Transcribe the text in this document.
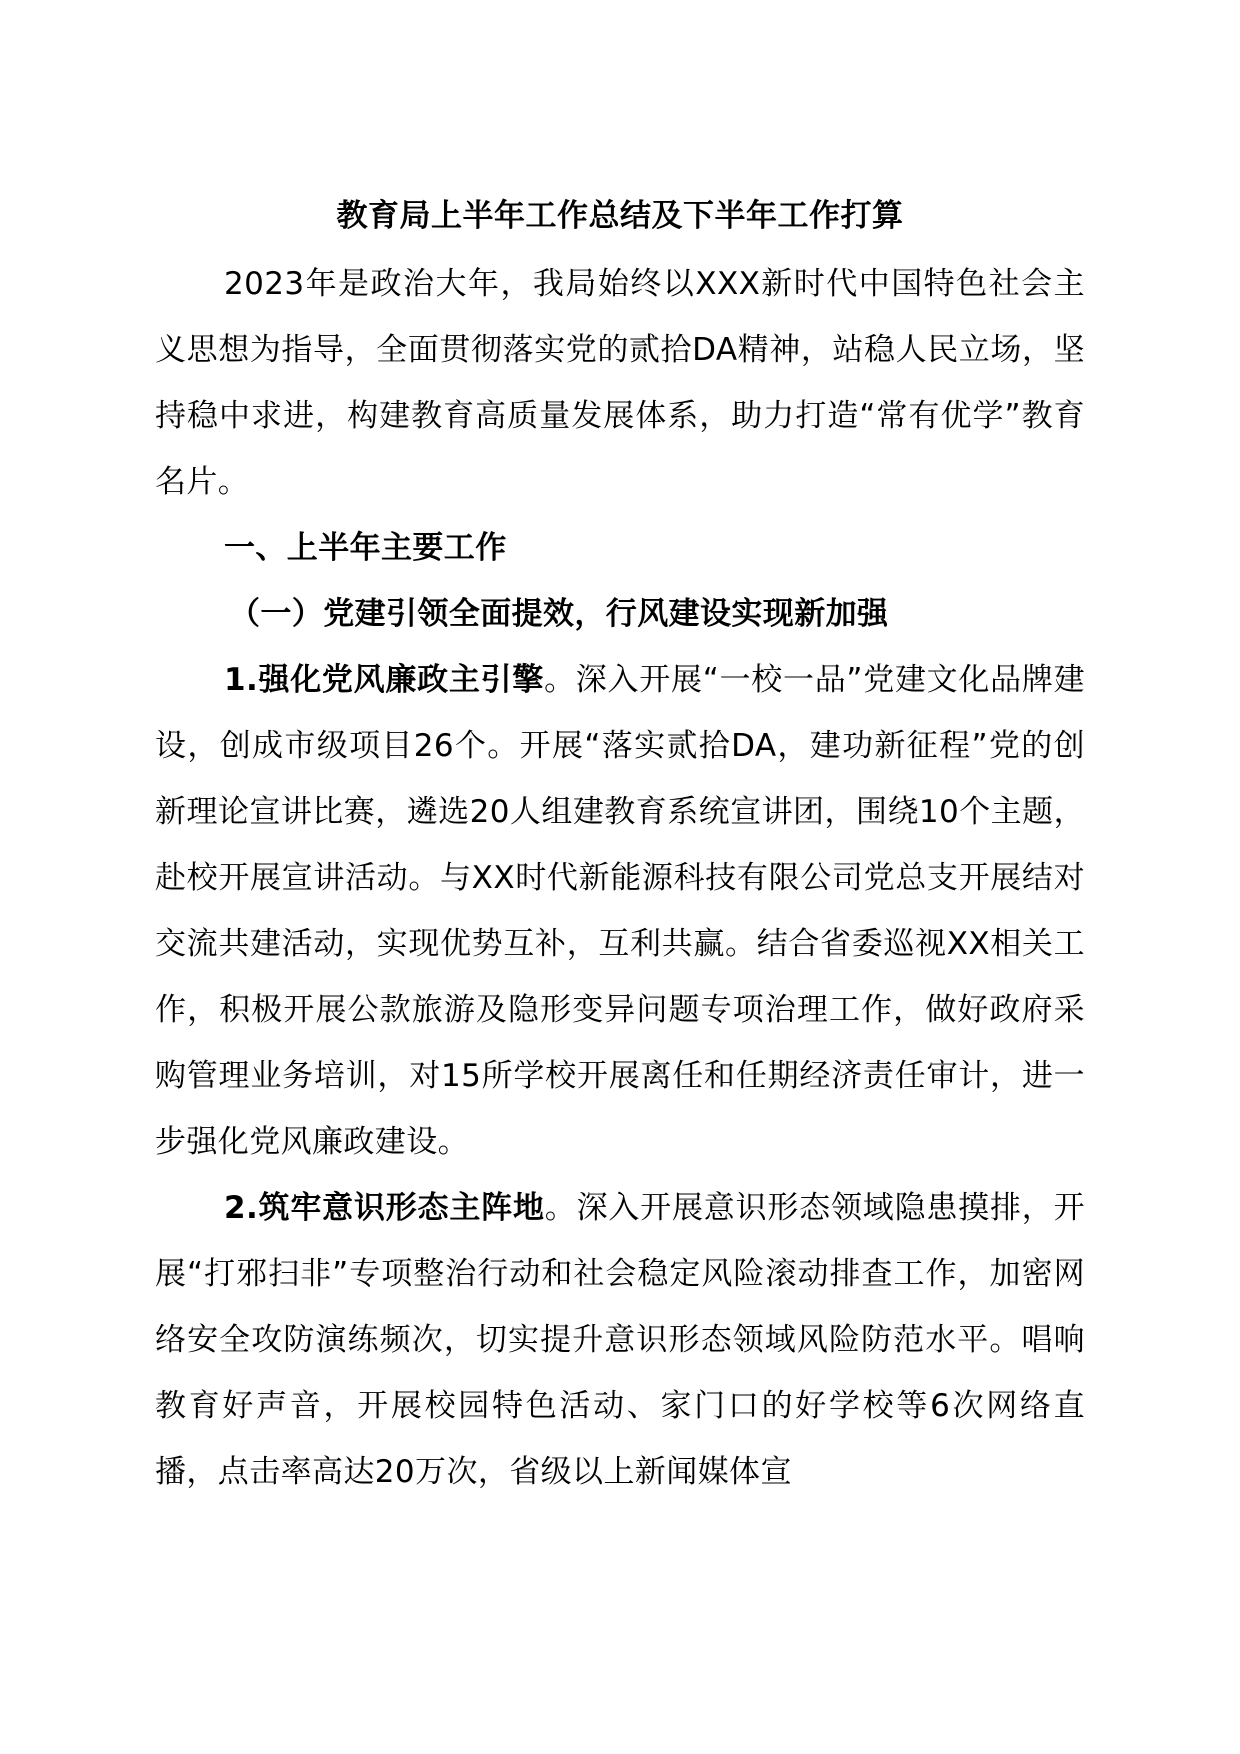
教育局上半年工作总结及下半年工作打算

2023年是政治大年，我局始终以XXX新时代中国特色社会主义思想为指导，全面贯彻落实党的贰拾DA精神，站稳人民立场，坚持稳中求进，构建教育高质量发展体系，助力打造“常有优学”教育名片。

一、上半年主要工作

（一）党建引领全面提效，行风建设实现新加强

1.强化党风廉政主引擎。深入开展“一校一品”党建文化品牌建设，创成市级项目26个。开展“落实贰拾DA，建功新征程”党的创新理论宣讲比赛，遴选20人组建教育系统宣讲团，围绕10个主题，赴校开展宣讲活动。与XX时代新能源科技有限公司党总支开展结对交流共建活动，实现优势互补，互利共赢。结合省委巡视XX相关工作，积极开展公款旅游及隐形变异问题专项治理工作，做好政府采购管理业务培训，对15所学校开展离任和任期经济责任审计，进一步强化党风廉政建设。

2.筑牢意识形态主阵地。深入开展意识形态领域隐患摸排，开展“打邪扫非”专项整治行动和社会稳定风险滚动排查工作，加密网络安全攻防演练频次，切实提升意识形态领域风险防范水平。唱响教育好声音，开展校园特色活动、家门口的好学校等6次网络直播，点击率高达20万次，省级以上新闻媒体宣
